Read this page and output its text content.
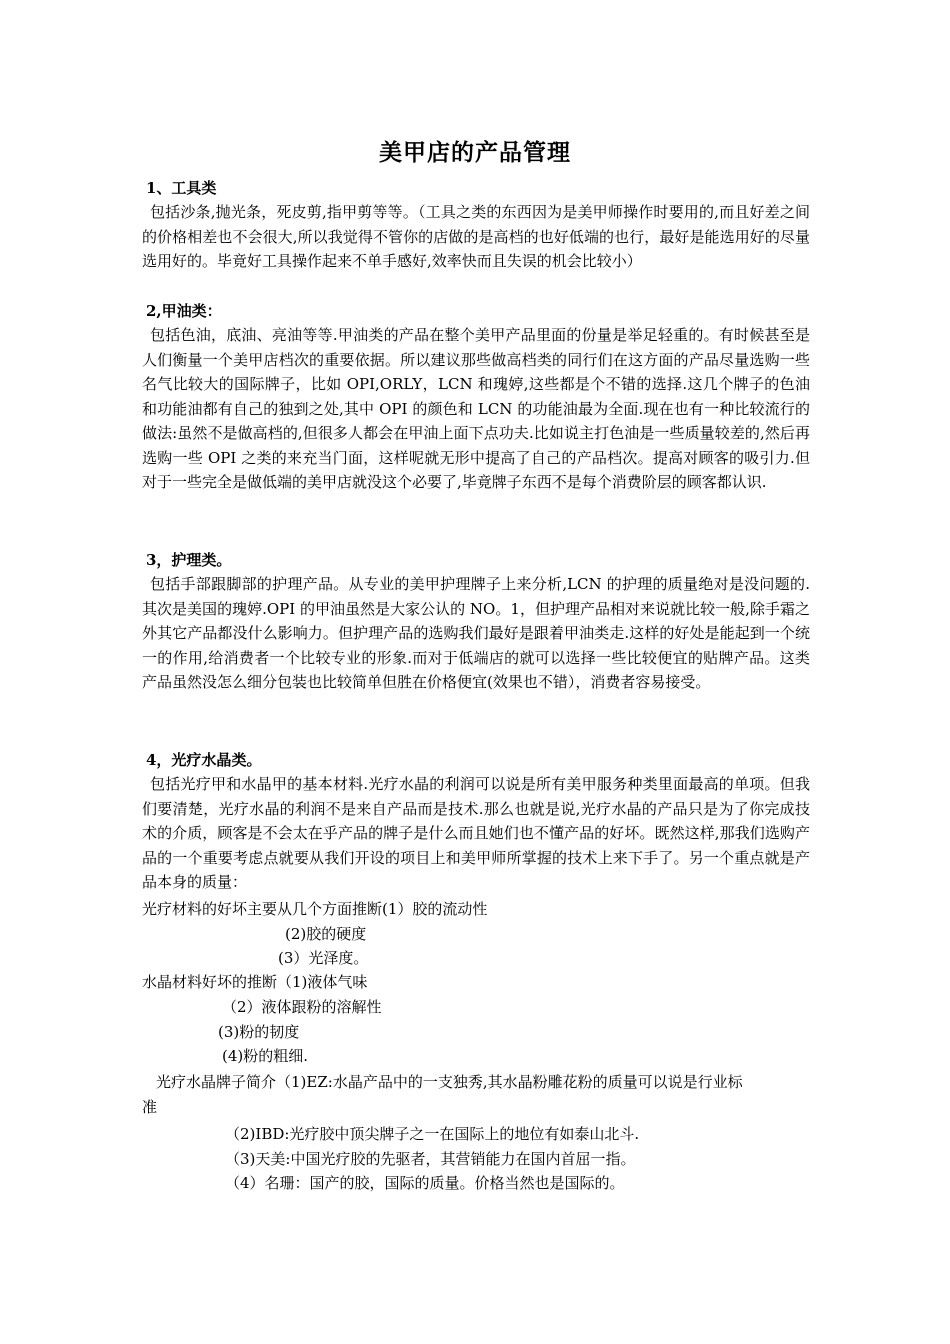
美甲店的产品管理
1、工具类
包括沙条,抛光条，死皮剪,指甲剪等等。（工具之类的东西因为是美甲师操作时要用的,而且好差之间的价格相差也不会很大,所以我觉得不管你的店做的是高档的也好低端的也行，最好是能选用好的尽量选用好的。毕竟好工具操作起来不单手感好,效率快而且失误的机会比较小）
2,甲油类：
包括色油，底油、亮油等等.甲油类的产品在整个美甲产品里面的份量是举足轻重的。有时候甚至是人们衡量一个美甲店档次的重要依据。所以建议那些做高档类的同行们在这方面的产品尽量选购一些名气比较大的国际牌子，比如 OPI,ORLY，LCN 和瑰婷,这些都是个不错的选择.这几个牌子的色油和功能油都有自己的独到之处,其中 OPI 的颜色和 LCN 的功能油最为全面.现在也有一种比较流行的做法:虽然不是做高档的,但很多人都会在甲油上面下点功夫.比如说主打色油是一些质量较差的,然后再选购一些 OPI 之类的来充当门面，这样呢就无形中提高了自己的产品档次。提高对顾客的吸引力.但对于一些完全是做低端的美甲店就没这个必要了,毕竟牌子东西不是每个消费阶层的顾客都认识.
3，护理类。
包括手部跟脚部的护理产品。从专业的美甲护理牌子上来分析,LCN 的护理的质量绝对是没问题的.其次是美国的瑰婷.OPI 的甲油虽然是大家公认的 NO。1，但护理产品相对来说就比较一般,除手霜之外其它产品都没什么影响力。但护理产品的选购我们最好是跟着甲油类走.这样的好处是能起到一个统一的作用,给消费者一个比较专业的形象.而对于低端店的就可以选择一些比较便宜的贴牌产品。这类产品虽然没怎么细分包装也比较简单但胜在价格便宜(效果也不错），消费者容易接受。
4，光疗水晶类。
包括光疗甲和水晶甲的基本材料.光疗水晶的利润可以说是所有美甲服务种类里面最高的单项。但我们要清楚，光疗水晶的利润不是来自产品而是技术.那么也就是说,光疗水晶的产品只是为了你完成技术的介质，顾客是不会太在乎产品的牌子是什么而且她们也不懂产品的好坏。既然这样,那我们选购产品的一个重要考虑点就要从我们开设的项目上和美甲师所掌握的技术上来下手了。另一个重点就是产品本身的质量：
光疗材料的好坏主要从几个方面推断(1）胶的流动性
(2)胶的硬度
(3）光泽度。
水晶材料好坏的推断（1)液体气味
（2）液体跟粉的溶解性
(3)粉的韧度
(4)粉的粗细.
光疗水晶牌子简介（1)EZ:水晶产品中的一支独秀,其水晶粉雕花粉的质量可以说是行业标
准
（2)IBD:光疗胶中顶尖牌子之一在国际上的地位有如泰山北斗.
（3)天美:中国光疗胶的先驱者，其营销能力在国内首屈一指。
（4）名珊：国产的胶，国际的质量。价格当然也是国际的。
